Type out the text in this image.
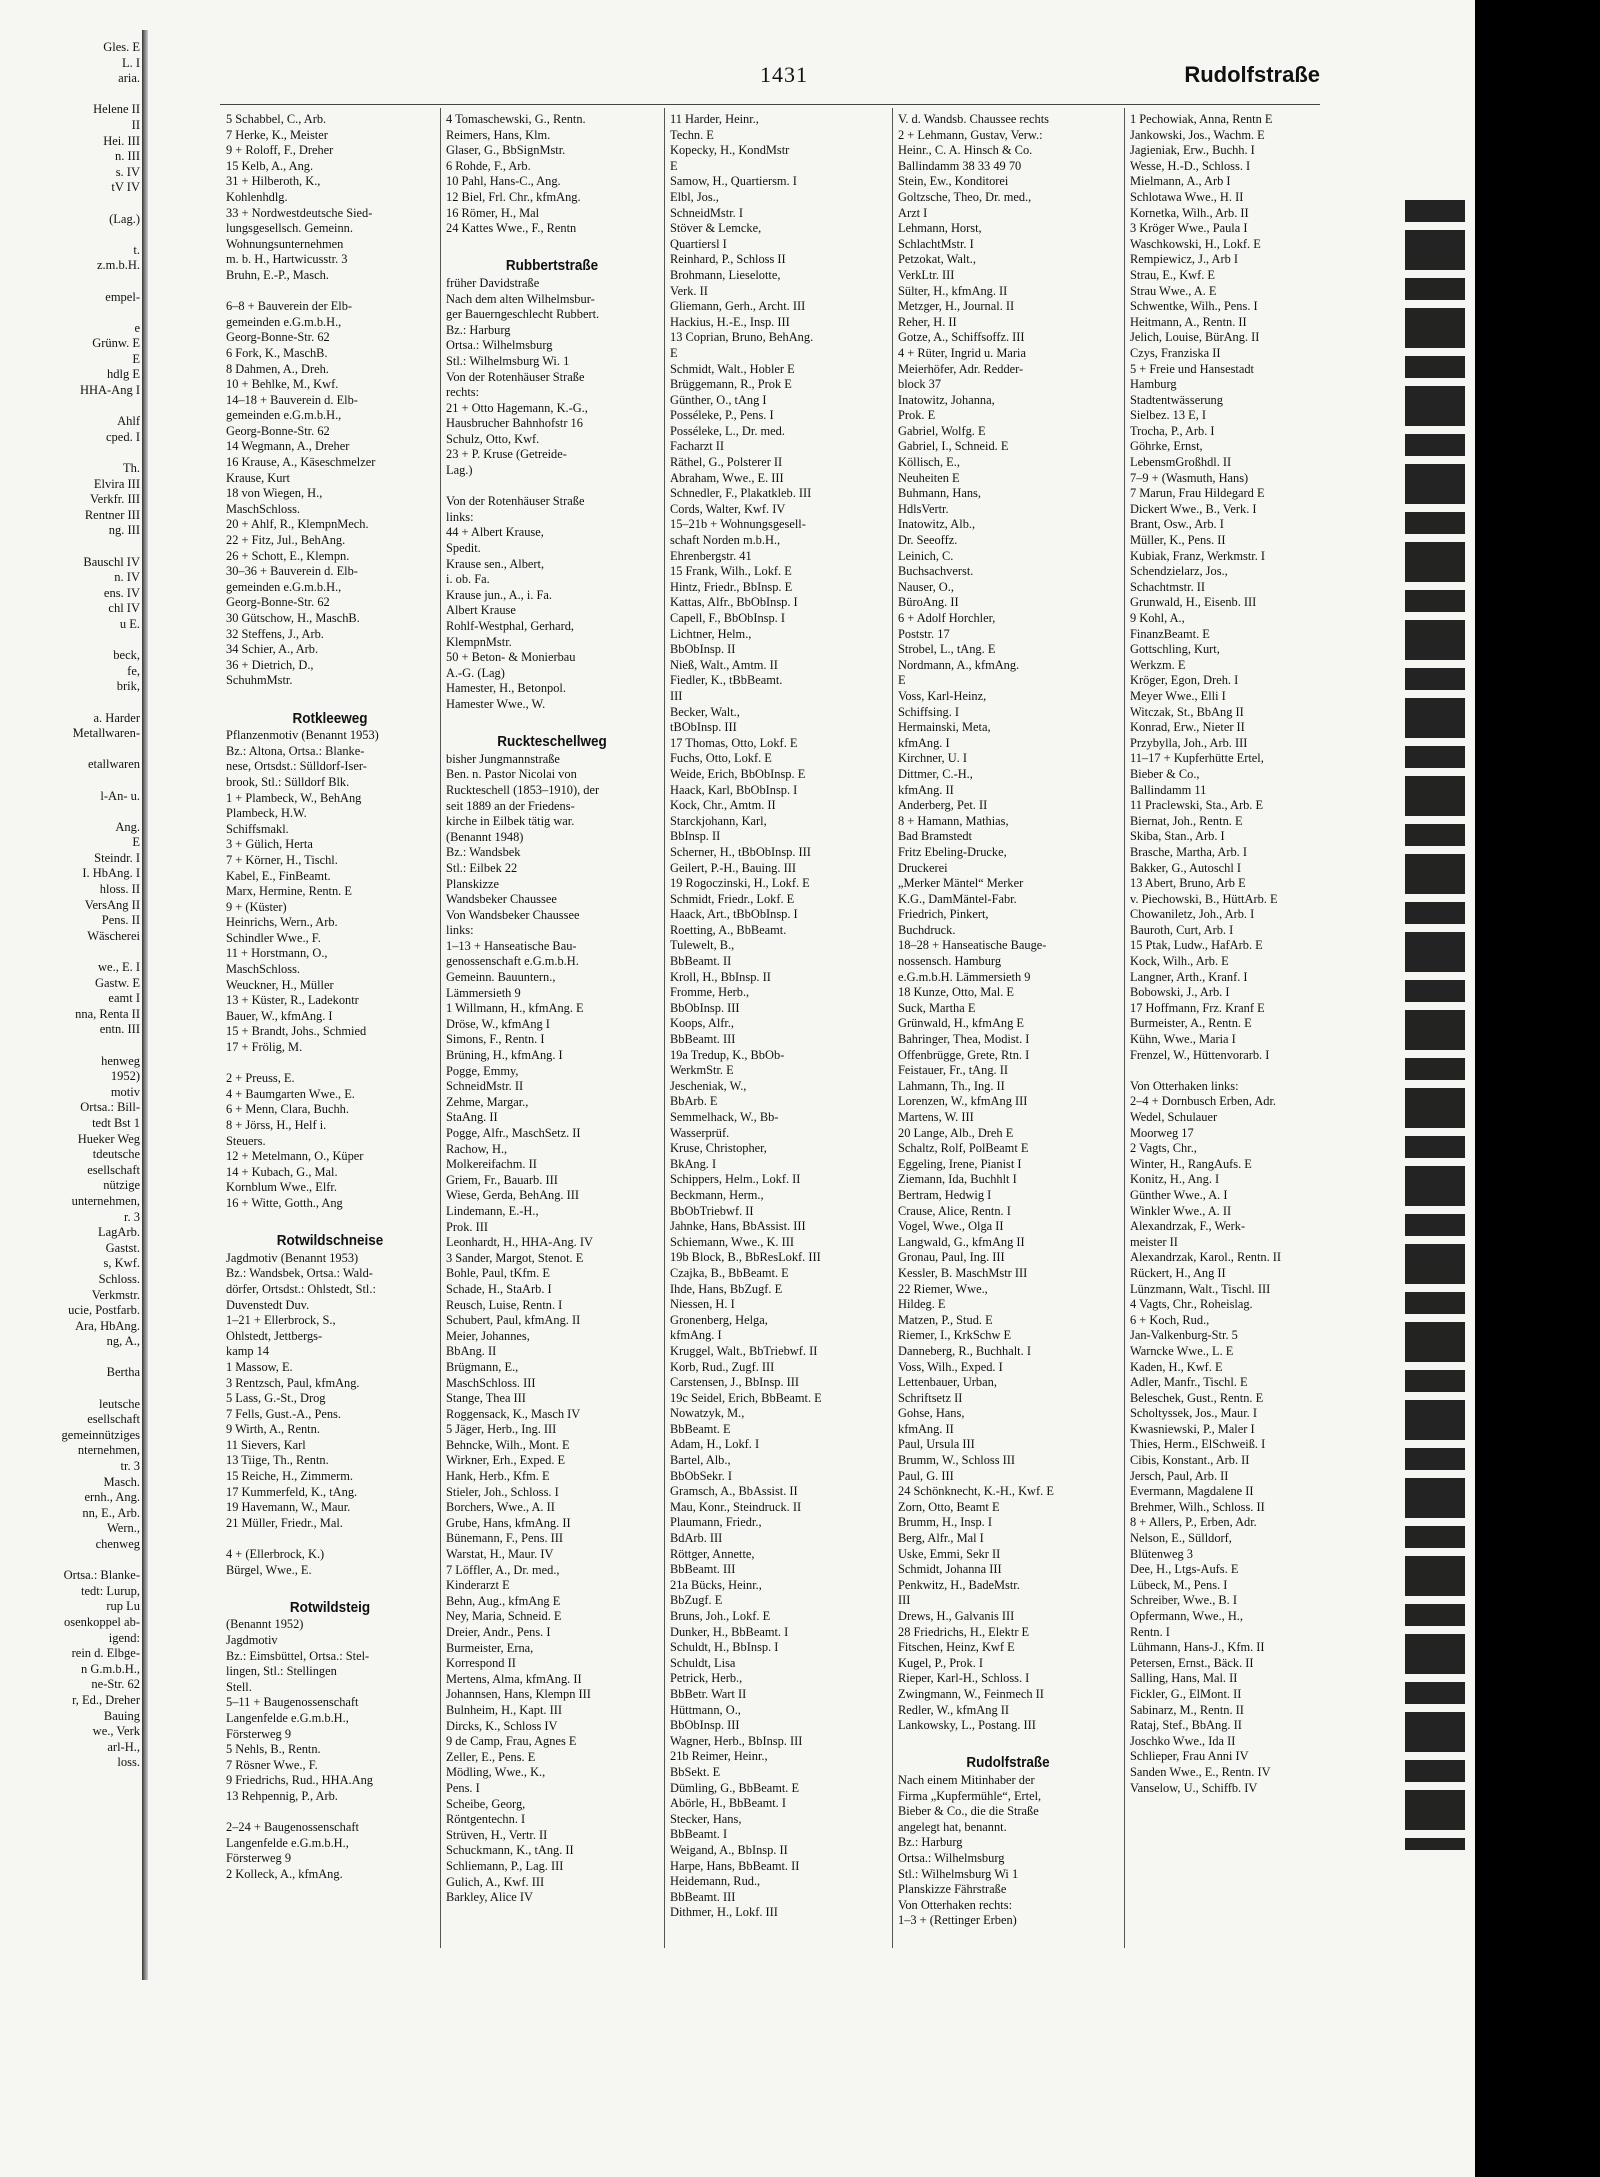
Gles. E
L. I
aria.

Helene II
II
Hei. III
n. III
s. IV
tV IV

(Lag.)

t.
z.m.b.H.

empel-

e
Grünw. E
E
hdlg E
HHA-Ang I

Ahlf
cped. I

Th.
Elvira III
Verkfr. III
Rentner III
ng. III

Bauschl IV
n. IV
ens. IV
chl IV
u E.

beck,
fe,
brik,

a. Harder
Metallwaren-

etallwaren

l-An- u.

Ang.
E
Steindr. I
I. HbAng. I
hloss. II
VersAng II
Pens. II
Wäscherei

we., E. I
Gastw. E
eamt I
nna, Renta II
entn. III

henweg
1952)
motiv
Ortsa.: Bill-
tedt Bst 1
Hueker Weg
tdeutsche
esellschaft
nützige
unternehmen,
r. 3
LagArb.
Gastst.
s, Kwf.
Schloss.
Verkmstr.
ucie, Postfarb.
Ara, HbAng.
ng, A.,

Bertha

leutsche
esellschaft
gemeinnütziges
nternehmen,
tr. 3
Masch.
ernh., Ang.
nn, E., Arb.
Wern.,
chenweg

Ortsa.: Blanke-
tedt: Lurup,
rup Lu
osenkoppel ab-
igend:
rein d. Elbge-
n G.m.b.H.,
ne-Str. 62
r, Ed., Dreher
Bauing
we., Verk
arl-H.,
loss.
1431	Rudolfstraße
5 Schabbel, C., Arb.
7 Herke, K., Meister
9 + Roloff, F., Dreher
15 Kelb, A., Ang.
31 + Hilberoth, K.,
Kohlenhdlg.
33 + Nordwestdeutsche Sied-
lungsgesellsch. Gemeinn.
Wohnungsunternehmen
m. b. H., Hartwicusstr. 3
Bruhn, E.-P., Masch.

6–8 + Bauverein der Elb-
gemeinden e.G.m.b.H.,
Georg-Bonne-Str. 62
6 Fork, K., MaschB.
8 Dahmen, A., Dreh.
10 + Behlke, M., Kwf.
14–18 + Bauverein d. Elb-
gemeinden e.G.m.b.H.,
Georg-Bonne-Str. 62
14 Wegmann, A., Dreher
16 Krause, A., Käseschmelzer
Krause, Kurt
18 von Wiegen, H.,
MaschSchloss.
20 + Ahlf, R., KlempnMech.
22 + Fitz, Jul., BehAng.
26 + Schott, E., Klempn.
30–36 + Bauverein d. Elb-
gemeinden e.G.m.b.H.,
Georg-Bonne-Str. 62
30 Gütschow, H., MaschB.
32 Steffens, J., Arb.
34 Schier, A., Arb.
36 + Dietrich, D.,
SchuhmMstr.

Rotkleeweg
Pflanzenmotiv (Benannt 1953)
Bz.: Altona, Ortsa.: Blanke-
nese, Ortsdst.: Sülldorf-Iser-
brook, Stl.: Sülldorf Blk.
1 + Plambeck, W., BehAng
Plambeck, H.W.
Schiffsmakl.
3 + Gülich, Herta
7 + Körner, H., Tischl.
Kabel, E., FinBeamt.
Marx, Hermine, Rentn. E
9 + (Küster)
Heinrichs, Wern., Arb.
Schindler Wwe., F.
11 + Horstmann, O.,
MaschSchloss.
Weuckner, H., Müller
13 + Küster, R., Ladekontr
Bauer, W., kfmAng. I
15 + Brandt, Johs., Schmied
17 + Frölig, M.

2 + Preuss, E.
4 + Baumgarten Wwe., E.
6 + Menn, Clara, Buchh.
8 + Jörss, H., Helf i.
Steuers.
12 + Metelmann, O., Küper
14 + Kubach, G., Mal.
Kornblum Wwe., Elfr.
16 + Witte, Gotth., Ang

Rotwildschneise
Jagdmotiv (Benannt 1953)
Bz.: Wandsbek, Ortsa.: Wald-
dörfer, Ortsdst.: Ohlstedt, Stl.:
Duvenstedt Duv.
1–21 + Ellerbrock, S.,
Ohlstedt, Jettbergs-
kamp 14
1 Massow, E.
3 Rentzsch, Paul, kfmAng.
5 Lass, G.-St., Drog
7 Fells, Gust.-A., Pens.
9 Wirth, A., Rentn.
11 Sievers, Karl
13 Tiige, Th., Rentn.
15 Reiche, H., Zimmerm.
17 Kummerfeld, K., tAng.
19 Havemann, W., Maur.
21 Müller, Friedr., Mal.

4 + (Ellerbrock, K.)
Bürgel, Wwe., E.

Rotwildsteig
(Benannt 1952)
Jagdmotiv
Bz.: Eimsbüttel, Ortsa.: Stel-
lingen, Stl.: Stellingen
Stell.
5–11 + Baugenossenschaft
Langenfelde e.G.m.b.H.,
Försterweg 9
5 Nehls, B., Rentn.
7 Rösner Wwe., F.
9 Friedrichs, Rud., HHA.Ang
13 Rehpennig, P., Arb.

2–24 + Baugenossenschaft
Langenfelde e.G.m.b.H.,
Försterweg 9
2 Kolleck, A., kfmAng.
4 Tomaschewski, G., Rentn.
Reimers, Hans, Klm.
Glaser, G., BbSignMstr.
6 Rohde, F., Arb.
10 Pahl, Hans-C., Ang.
12 Biel, Frl. Chr., kfmAng.
16 Römer, H., Mal
24 Kattes Wwe., F., Rentn

Rubbertstraße
früher Davidstraße
Nach dem alten Wilhelmsbur-
ger Bauerngeschlecht Rubbert.
Bz.: Harburg
Ortsa.: Wilhelmsburg
Stl.: Wilhelmsburg Wi. 1
Von der Rotenhäuser Straße
rechts:
21 + Otto Hagemann, K.-G.,
Hausbrucher Bahnhofstr 16
Schulz, Otto, Kwf.
23 + P. Kruse (Getreide-
Lag.)

Von der Rotenhäuser Straße
links:
44 + Albert Krause,
Spedit.
Krause sen., Albert,
i. ob. Fa.
Krause jun., A., i. Fa.
Albert Krause
Rohlf-Westphal, Gerhard,
KlempnMstr.
50 + Beton- & Monierbau
A.-G. (Lag)
Hamester, H., Betonpol.
Hamester Wwe., W.

Ruckteschellweg
bisher Jungmannstraße
Ben. n. Pastor Nicolai von
Ruckteschell (1853–1910), der
seit 1889 an der Friedens-
kirche in Eilbek tätig war.
(Benannt 1948)
Bz.: Wandsbek
Stl.: Eilbek 22
Planskizze
Wandsbeker Chaussee
Von Wandsbeker Chaussee
links:
1–13 + Hanseatische Bau-
genossenschaft e.G.m.b.H.
Gemeinn. Bauuntern.,
Lämmersieth 9
1 Willmann, H., kfmAng. E
Dröse, W., kfmAng I
Simons, F., Rentn. I
Brüning, H., kfmAng. I
Pogge, Emmy,
SchneidMstr. II
Zehme, Margar.,
StaAng. II
Pogge, Alfr., MaschSetz. II
Rachow, H.,
Molkereifachm. II
Griem, Fr., Bauarb. III
Wiese, Gerda, BehAng. III
Lindemann, E.-H.,
Prok. III
Leonhardt, H., HHA-Ang. IV
3 Sander, Margot, Stenot. E
Bohle, Paul, tKfm. E
Schade, H., StaArb. I
Reusch, Luise, Rentn. I
Schubert, Paul, kfmAng. II
Meier, Johannes,
BbAng. II
Brügmann, E.,
MaschSchloss. III
Stange, Thea III
Roggensack, K., Masch IV
5 Jäger, Herb., Ing. III
Behncke, Wilh., Mont. E
Wirkner, Erh., Exped. E
Hank, Herb., Kfm. E
Stieler, Joh., Schloss. I
Borchers, Wwe., A. II
Grube, Hans, kfmAng. II
Bünemann, F., Pens. III
Warstat, H., Maur. IV
7 Löffler, A., Dr. med.,
Kinderarzt E
Behn, Aug., kfmAng E
Ney, Maria, Schneid. E
Dreier, Andr., Pens. I
Burmeister, Erna,
Korrespond II
Mertens, Alma, kfmAng. II
Johannsen, Hans, Klempn III
Bulnheim, H., Kapt. III
Dircks, K., Schloss IV
9 de Camp, Frau, Agnes E
Zeller, E., Pens. E
Mödling, Wwe., K.,
Pens. I
Scheibe, Georg,
Röntgentechn. I
Strüven, H., Vertr. II
Schuckmann, K., tAng. II
Schliemann, P., Lag. III
Gulich, A., Kwf. III
Barkley, Alice IV
11 Harder, Heinr.,
Techn. E
Kopecky, H., KondMstr
E
Samow, H., Quartiersm. I
Elbl, Jos.,
SchneidMstr. I
Stöver & Lemcke,
Quartiersl I
Reinhard, P., Schloss II
Brohmann, Lieselotte,
Verk. II
Gliemann, Gerh., Archt. III
Hackius, H.-E., Insp. III
13 Coprian, Bruno, BehAng.
E
Schmidt, Walt., Hobler E
Brüggemann, R., Prok E
Günther, O., tAng I
Posséleke, P., Pens. I
Posséleke, L., Dr. med.
Facharzt II
Räthel, G., Polsterer II
Abraham, Wwe., E. III
Schnedler, F., Plakatkleb. III
Cords, Walter, Kwf. IV
15–21b + Wohnungsgesell-
schaft Norden m.b.H.,
Ehrenbergstr. 41
15 Frank, Wilh., Lokf. E
Hintz, Friedr., BbInsp. E
Kattas, Alfr., BbObInsp. I
Capell, F., BbObInsp. I
Lichtner, Helm.,
BbObInsp. II
Nieß, Walt., Amtm. II
Fiedler, K., tBbBeamt.
III
Becker, Walt.,
tBObInsp. III
17 Thomas, Otto, Lokf. E
Fuchs, Otto, Lokf. E
Weide, Erich, BbObInsp. E
Haack, Karl, BbObInsp. I
Kock, Chr., Amtm. II
Starckjohann, Karl,
BbInsp. II
Scherner, H., tBbObInsp. III
Geilert, P.-H., Bauing. III
19 Rogoczinski, H., Lokf. E
Schmidt, Friedr., Lokf. E
Haack, Art., tBbObInsp. I
Roetting, A., BbBeamt.
Tulewelt, B.,
BbBeamt. II
Kroll, H., BbInsp. II
Fromme, Herb.,
BbObInsp. III
Koops, Alfr.,
BbBeamt. III
19a Tredup, K., BbOb-
WerkmStr. E
Jescheniak, W.,
BbArb. E
Semmelhack, W., Bb-
Wasserprüf.
Kruse, Christopher,
BkAng. I
Schippers, Helm., Lokf. II
Beckmann, Herm.,
BbObTriebwf. II
Jahnke, Hans, BbAssist. III
Schiemann, Wwe., K. III
19b Block, B., BbResLokf. III
Czajka, B., BbBeamt. E
Ihde, Hans, BbZugf. E
Niessen, H. I
Gronenberg, Helga,
kfmAng. I
Kruggel, Walt., BbTriebwf. II
Korb, Rud., Zugf. III
Carstensen, J., BbInsp. III
19c Seidel, Erich, BbBeamt. E
Nowatzyk, M.,
BbBeamt. E
Adam, H., Lokf. I
Bartel, Alb.,
BbObSekr. I
Gramsch, A., BbAssist. II
Mau, Konr., Steindruck. II
Plaumann, Friedr.,
BdArb. III
Röttger, Annette,
BbBeamt. III
21a Bücks, Heinr.,
BbZugf. E
Bruns, Joh., Lokf. E
Dunker, H., BbBeamt. I
Schuldt, H., BbInsp. I
Schuldt, Lisa
Petrick, Herb.,
BbBetr. Wart II
Hüttmann, O.,
BbObInsp. III
Wagner, Herb., BbInsp. III
21b Reimer, Heinr.,
BbSekt. E
Dümling, G., BbBeamt. E
Abörle, H., BbBeamt. I
Stecker, Hans,
BbBeamt. I
Weigand, A., BbInsp. II
Harpe, Hans, BbBeamt. II
Heidemann, Rud.,
BbBeamt. III
Dithmer, H., Lokf. III
V. d. Wandsb. Chaussee rechts
2 + Lehmann, Gustav, Verw.:
Heinr., C. A. Hinsch & Co.
Ballindamm 38 33 49 70
Stein, Ew., Konditorei
Goltzsche, Theo, Dr. med.,
Arzt I
Lehmann, Horst,
SchlachtMstr. I
Petzokat, Walt.,
VerkLtr. III
Sülter, H., kfmAng. II
Metzger, H., Journal. II
Reher, H. II
Gotze, A., Schiffsoffz. III
4 + Rüter, Ingrid u. Maria
Meierhöfer, Adr. Redder-
block 37
Inatowitz, Johanna,
Prok. E
Gabriel, Wolfg. E
Gabriel, I., Schneid. E
Köllisch, E.,
Neuheiten E
Buhmann, Hans,
HdlsVertr.
Inatowitz, Alb.,
Dr. Seeoffz.
Leinich, C.
Buchsachverst.
Nauser, O.,
BüroAng. II
6 + Adolf Horchler,
Poststr. 17
Strobel, L., tAng. E
Nordmann, A., kfmAng.
E
Voss, Karl-Heinz,
Schiffsing. I
Hermainski, Meta,
kfmAng. I
Kirchner, U. I
Dittmer, C.-H.,
kfmAng. II
Anderberg, Pet. II
8 + Hamann, Mathias,
Bad Bramstedt
Fritz Ebeling-Drucke,
Druckerei
„Merker Mäntel“ Merker
K.G., DamMäntel-Fabr.
Friedrich, Pinkert,
Buchdruck.
18–28 + Hanseatische Bauge-
nossensch. Hamburg
e.G.m.b.H. Lämmersieth 9
18 Kunze, Otto, Mal. E
Suck, Martha E
Grünwald, H., kfmAng E
Bahringer, Thea, Modist. I
Offenbrügge, Grete, Rtn. I
Feistauer, Fr., tAng. II
Lahmann, Th., Ing. II
Lorenzen, W., kfmAng III
Martens, W. III
20 Lange, Alb., Dreh E
Schaltz, Rolf, PolBeamt E
Eggeling, Irene, Pianist I
Ziemann, Ida, Buchhlt I
Bertram, Hedwig I
Crause, Alice, Rentn. I
Vogel, Wwe., Olga II
Langwald, G., kfmAng II
Gronau, Paul, Ing. III
Kessler, B. MaschMstr III
22 Riemer, Wwe.,
Hildeg. E
Matzen, P., Stud. E
Riemer, I., KrkSchw E
Danneberg, R., Buchhalt. I
Voss, Wilh., Exped. I
Lettenbauer, Urban,
Schriftsetz II
Gohse, Hans,
kfmAng. II
Paul, Ursula III
Brumm, W., Schloss III
Paul, G. III
24 Schönknecht, K.-H., Kwf. E
Zorn, Otto, Beamt E
Brumm, H., Insp. I
Berg, Alfr., Mal I
Uske, Emmi, Sekr II
Schmidt, Johanna III
Penkwitz, H., BadeMstr.
III
Drews, H., Galvanis III
28 Friedrichs, H., Elektr E
Fitschen, Heinz, Kwf E
Kugel, P., Prok. I
Rieper, Karl-H., Schloss. I
Zwingmann, W., Feinmech II
Redler, W., kfmAng II
Lankowsky, L., Postang. III

Rudolfstraße
Nach einem Mitinhaber der
Firma „Kupfermühle“, Ertel,
Bieber & Co., die die Straße
angelegt hat, benannt.
Bz.: Harburg
Ortsa.: Wilhelmsburg
Stl.: Wilhelmsburg Wi 1
Planskizze Fährstraße
Von Otterhaken rechts:
1–3 + (Rettinger Erben)
1 Pechowiak, Anna, Rentn E
Jankowski, Jos., Wachm. E
Jagieniak, Erw., Buchh. I
Wesse, H.-D., Schloss. I
Mielmann, A., Arb I
Schlotawa Wwe., H. II
Kornetka, Wilh., Arb. II
3 Kröger Wwe., Paula I
Waschkowski, H., Lokf. E
Rempiewicz, J., Arb I
Strau, E., Kwf. E
Strau Wwe., A. E
Schwentke, Wilh., Pens. I
Heitmann, A., Rentn. II
Jelich, Louise, BürAng. II
Czys, Franziska II
5 + Freie und Hansestadt
Hamburg
Stadtentwässerung
Sielbez. 13 E, I
Trocha, P., Arb. I
Göhrke, Ernst,
LebensmGroßhdl. II
7–9 + (Wasmuth, Hans)
7 Marun, Frau Hildegard E
Dickert Wwe., B., Verk. I
Brant, Osw., Arb. I
Müller, K., Pens. II
Kubiak, Franz, Werkmstr. I
Schendzielarz, Jos.,
Schachtmstr. II
Grunwald, H., Eisenb. III
9 Kohl, A.,
FinanzBeamt. E
Gottschling, Kurt,
Werkzm. E
Kröger, Egon, Dreh. I
Meyer Wwe., Elli I
Witczak, St., BbAng II
Konrad, Erw., Nieter II
Przybylla, Joh., Arb. III
11–17 + Kupferhütte Ertel,
Bieber & Co.,
Ballindamm 11
11 Praclewski, Sta., Arb. E
Biernat, Joh., Rentn. E
Skiba, Stan., Arb. I
Brasche, Martha, Arb. I
Bakker, G., Autoschl I
13 Abert, Bruno, Arb E
v. Piechowski, B., HüttArb. E
Chowaniletz, Joh., Arb. I
Bauroth, Curt, Arb. I
15 Ptak, Ludw., HafArb. E
Kock, Wilh., Arb. E
Langner, Arth., Kranf. I
Bobowski, J., Arb. I
17 Hoffmann, Frz. Kranf E
Burmeister, A., Rentn. E
Kühn, Wwe., Maria I
Frenzel, W., Hüttenvorarb. I

Von Otterhaken links:
2–4 + Dornbusch Erben, Adr.
Wedel, Schulauer
Moorweg 17
2 Vagts, Chr.,
Winter, H., RangAufs. E
Konitz, H., Ang. I
Günther Wwe., A. I
Winkler Wwe., A. II
Alexandrzak, F., Werk-
meister II
Alexandrzak, Karol., Rentn. II
Rückert, H., Ang II
Lünzmann, Walt., Tischl. III
4 Vagts, Chr., Roheislag.
6 + Koch, Rud.,
Jan-Valkenburg-Str. 5
Warncke Wwe., L. E
Kaden, H., Kwf. E
Adler, Manfr., Tischl. E
Beleschek, Gust., Rentn. E
Scholtyssek, Jos., Maur. I
Kwasniewski, P., Maler I
Thies, Herm., ElSchweiß. I
Cibis, Konstant., Arb. II
Jersch, Paul, Arb. II
Evermann, Magdalene II
Brehmer, Wilh., Schloss. II
8 + Allers, P., Erben, Adr.
Nelson, E., Sülldorf,
Blütenweg 3
Dee, H., Ltgs-Aufs. E
Lübeck, M., Pens. I
Schreiber, Wwe., B. I
Opfermann, Wwe., H.,
Rentn. I
Lühmann, Hans-J., Kfm. II
Petersen, Ernst., Bäck. II
Salling, Hans, Mal. II
Fickler, G., ElMont. II
Sabinarz, M., Rentn. II
Rataj, Stef., BbAng. II
Joschko Wwe., Ida II
Schlieper, Frau Anni IV
Sanden Wwe., E., Rentn. IV
Vanselow, U., Schiffb. IV
